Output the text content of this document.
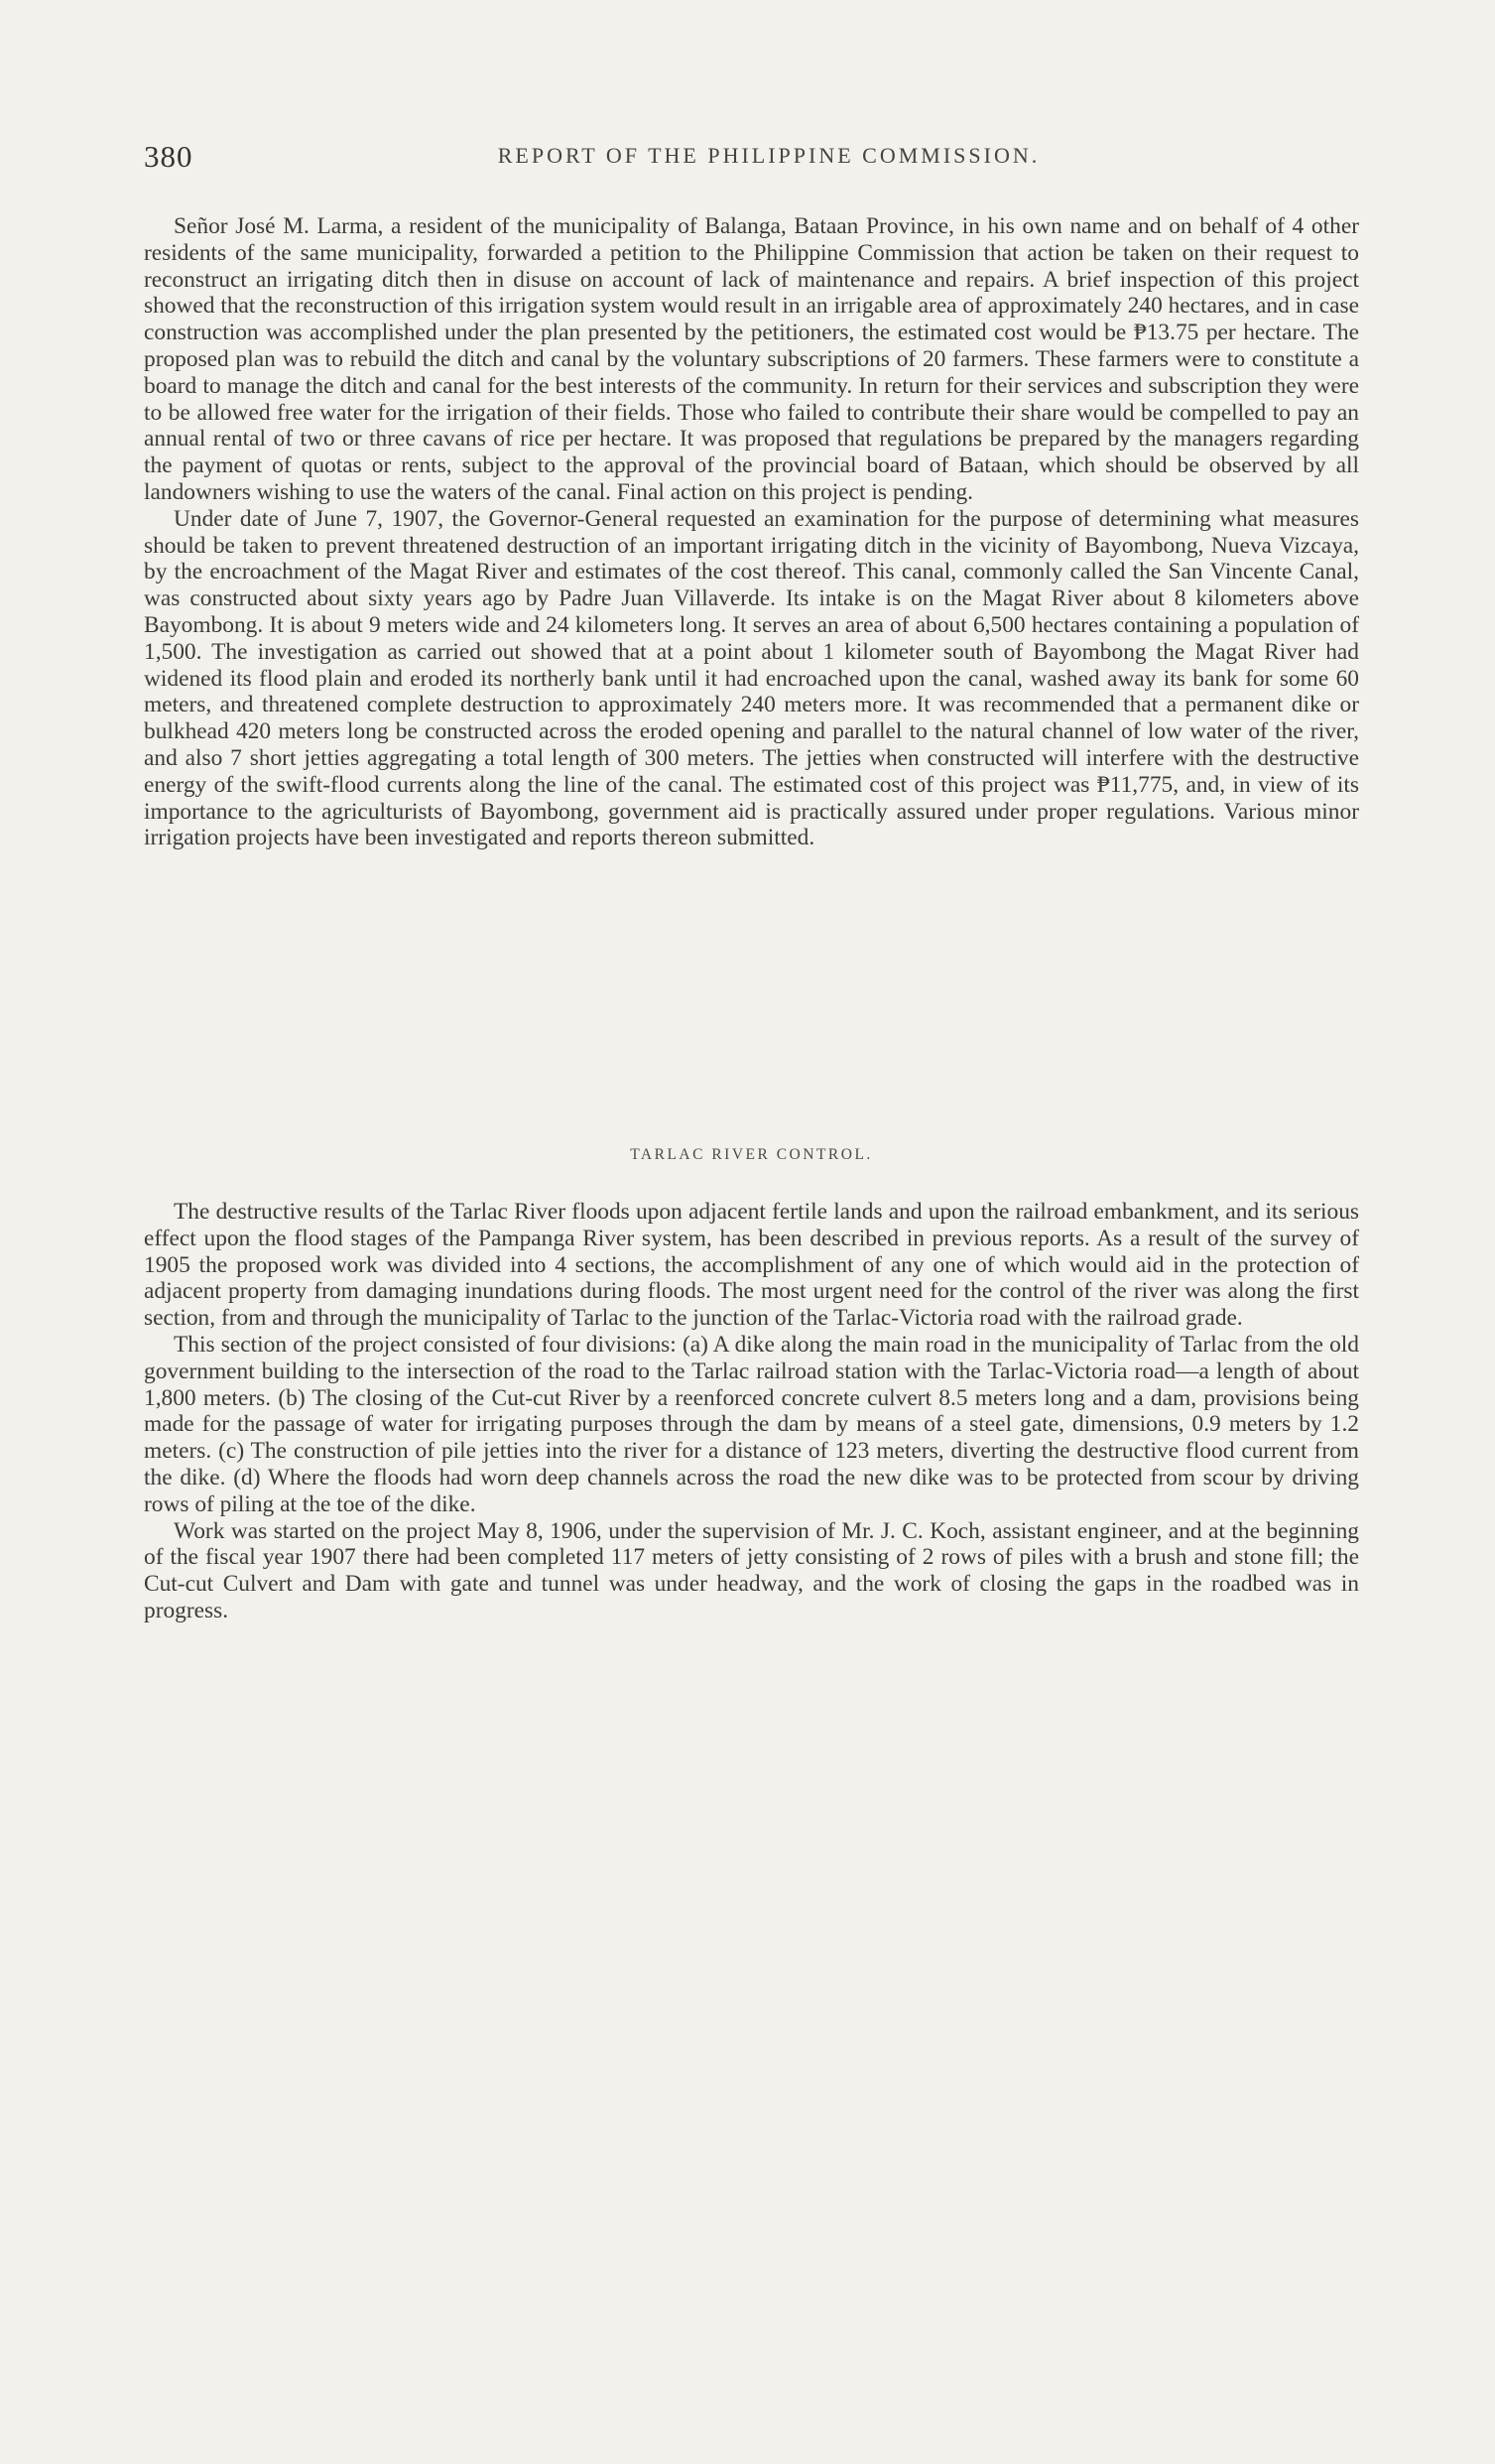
380	REPORT OF THE PHILIPPINE COMMISSION.

Señor José M. Larma, a resident of the municipality of Balanga, Bataan Province, in his own name and on behalf of 4 other residents of the same municipality, forwarded a petition to the Philippine Commission that action be taken on their request to reconstruct an irrigating ditch then in disuse on account of lack of maintenance and repairs. A brief inspection of this project showed that the reconstruction of this irrigation system would result in an irrigable area of approximately 240 hectares, and in case construction was accomplished under the plan presented by the petitioners, the estimated cost would be ₱13.75 per hectare. The proposed plan was to rebuild the ditch and canal by the voluntary subscriptions of 20 farmers. These farmers were to constitute a board to manage the ditch and canal for the best interests of the community. In return for their services and subscription they were to be allowed free water for the irrigation of their fields. Those who failed to contribute their share would be compelled to pay an annual rental of two or three cavans of rice per hectare. It was proposed that regulations be prepared by the managers regarding the payment of quotas or rents, subject to the approval of the provincial board of Bataan, which should be observed by all landowners wishing to use the waters of the canal. Final action on this project is pending.

Under date of June 7, 1907, the Governor-General requested an examination for the purpose of determining what measures should be taken to prevent threatened destruction of an important irrigating ditch in the vicinity of Bayombong, Nueva Vizcaya, by the encroachment of the Magat River and estimates of the cost thereof. This canal, commonly called the San Vincente Canal, was constructed about sixty years ago by Padre Juan Villaverde. Its intake is on the Magat River about 8 kilometers above Bayombong. It is about 9 meters wide and 24 kilometers long. It serves an area of about 6,500 hectares containing a population of 1,500. The investigation as carried out showed that at a point about 1 kilometer south of Bayombong the Magat River had widened its flood plain and eroded its northerly bank until it had encroached upon the canal, washed away its bank for some 60 meters, and threatened complete destruction to approximately 240 meters more. It was recommended that a permanent dike or bulkhead 420 meters long be constructed across the eroded opening and parallel to the natural channel of low water of the river, and also 7 short jetties aggregating a total length of 300 meters. The jetties when constructed will interfere with the destructive energy of the swift-flood currents along the line of the canal. The estimated cost of this project was ₱11,775, and, in view of its importance to the agriculturists of Bayombong, government aid is practically assured under proper regulations. Various minor irrigation projects have been investigated and reports thereon submitted.

TARLAC RIVER CONTROL.

The destructive results of the Tarlac River floods upon adjacent fertile lands and upon the railroad embankment, and its serious effect upon the flood stages of the Pampanga River system, has been described in previous reports. As a result of the survey of 1905 the proposed work was divided into 4 sections, the accomplishment of any one of which would aid in the protection of adjacent property from damaging inundations during floods. The most urgent need for the control of the river was along the first section, from and through the municipality of Tarlac to the junction of the Tarlac-Victoria road with the railroad grade.

This section of the project consisted of four divisions: (a) A dike along the main road in the municipality of Tarlac from the old government building to the intersection of the road to the Tarlac railroad station with the Tarlac-Victoria road—a length of about 1,800 meters. (b) The closing of the Cut-cut River by a reenforced concrete culvert 8.5 meters long and a dam, provisions being made for the passage of water for irrigating purposes through the dam by means of a steel gate, dimensions, 0.9 meters by 1.2 meters. (c) The construction of pile jetties into the river for a distance of 123 meters, diverting the destructive flood current from the dike. (d) Where the floods had worn deep channels across the road the new dike was to be protected from scour by driving rows of piling at the toe of the dike.

Work was started on the project May 8, 1906, under the supervision of Mr. J. C. Koch, assistant engineer, and at the beginning of the fiscal year 1907 there had been completed 117 meters of jetty consisting of 2 rows of piles with a brush and stone fill; the Cut-cut Culvert and Dam with gate and tunnel was under headway, and the work of closing the gaps in the roadbed was in progress.
